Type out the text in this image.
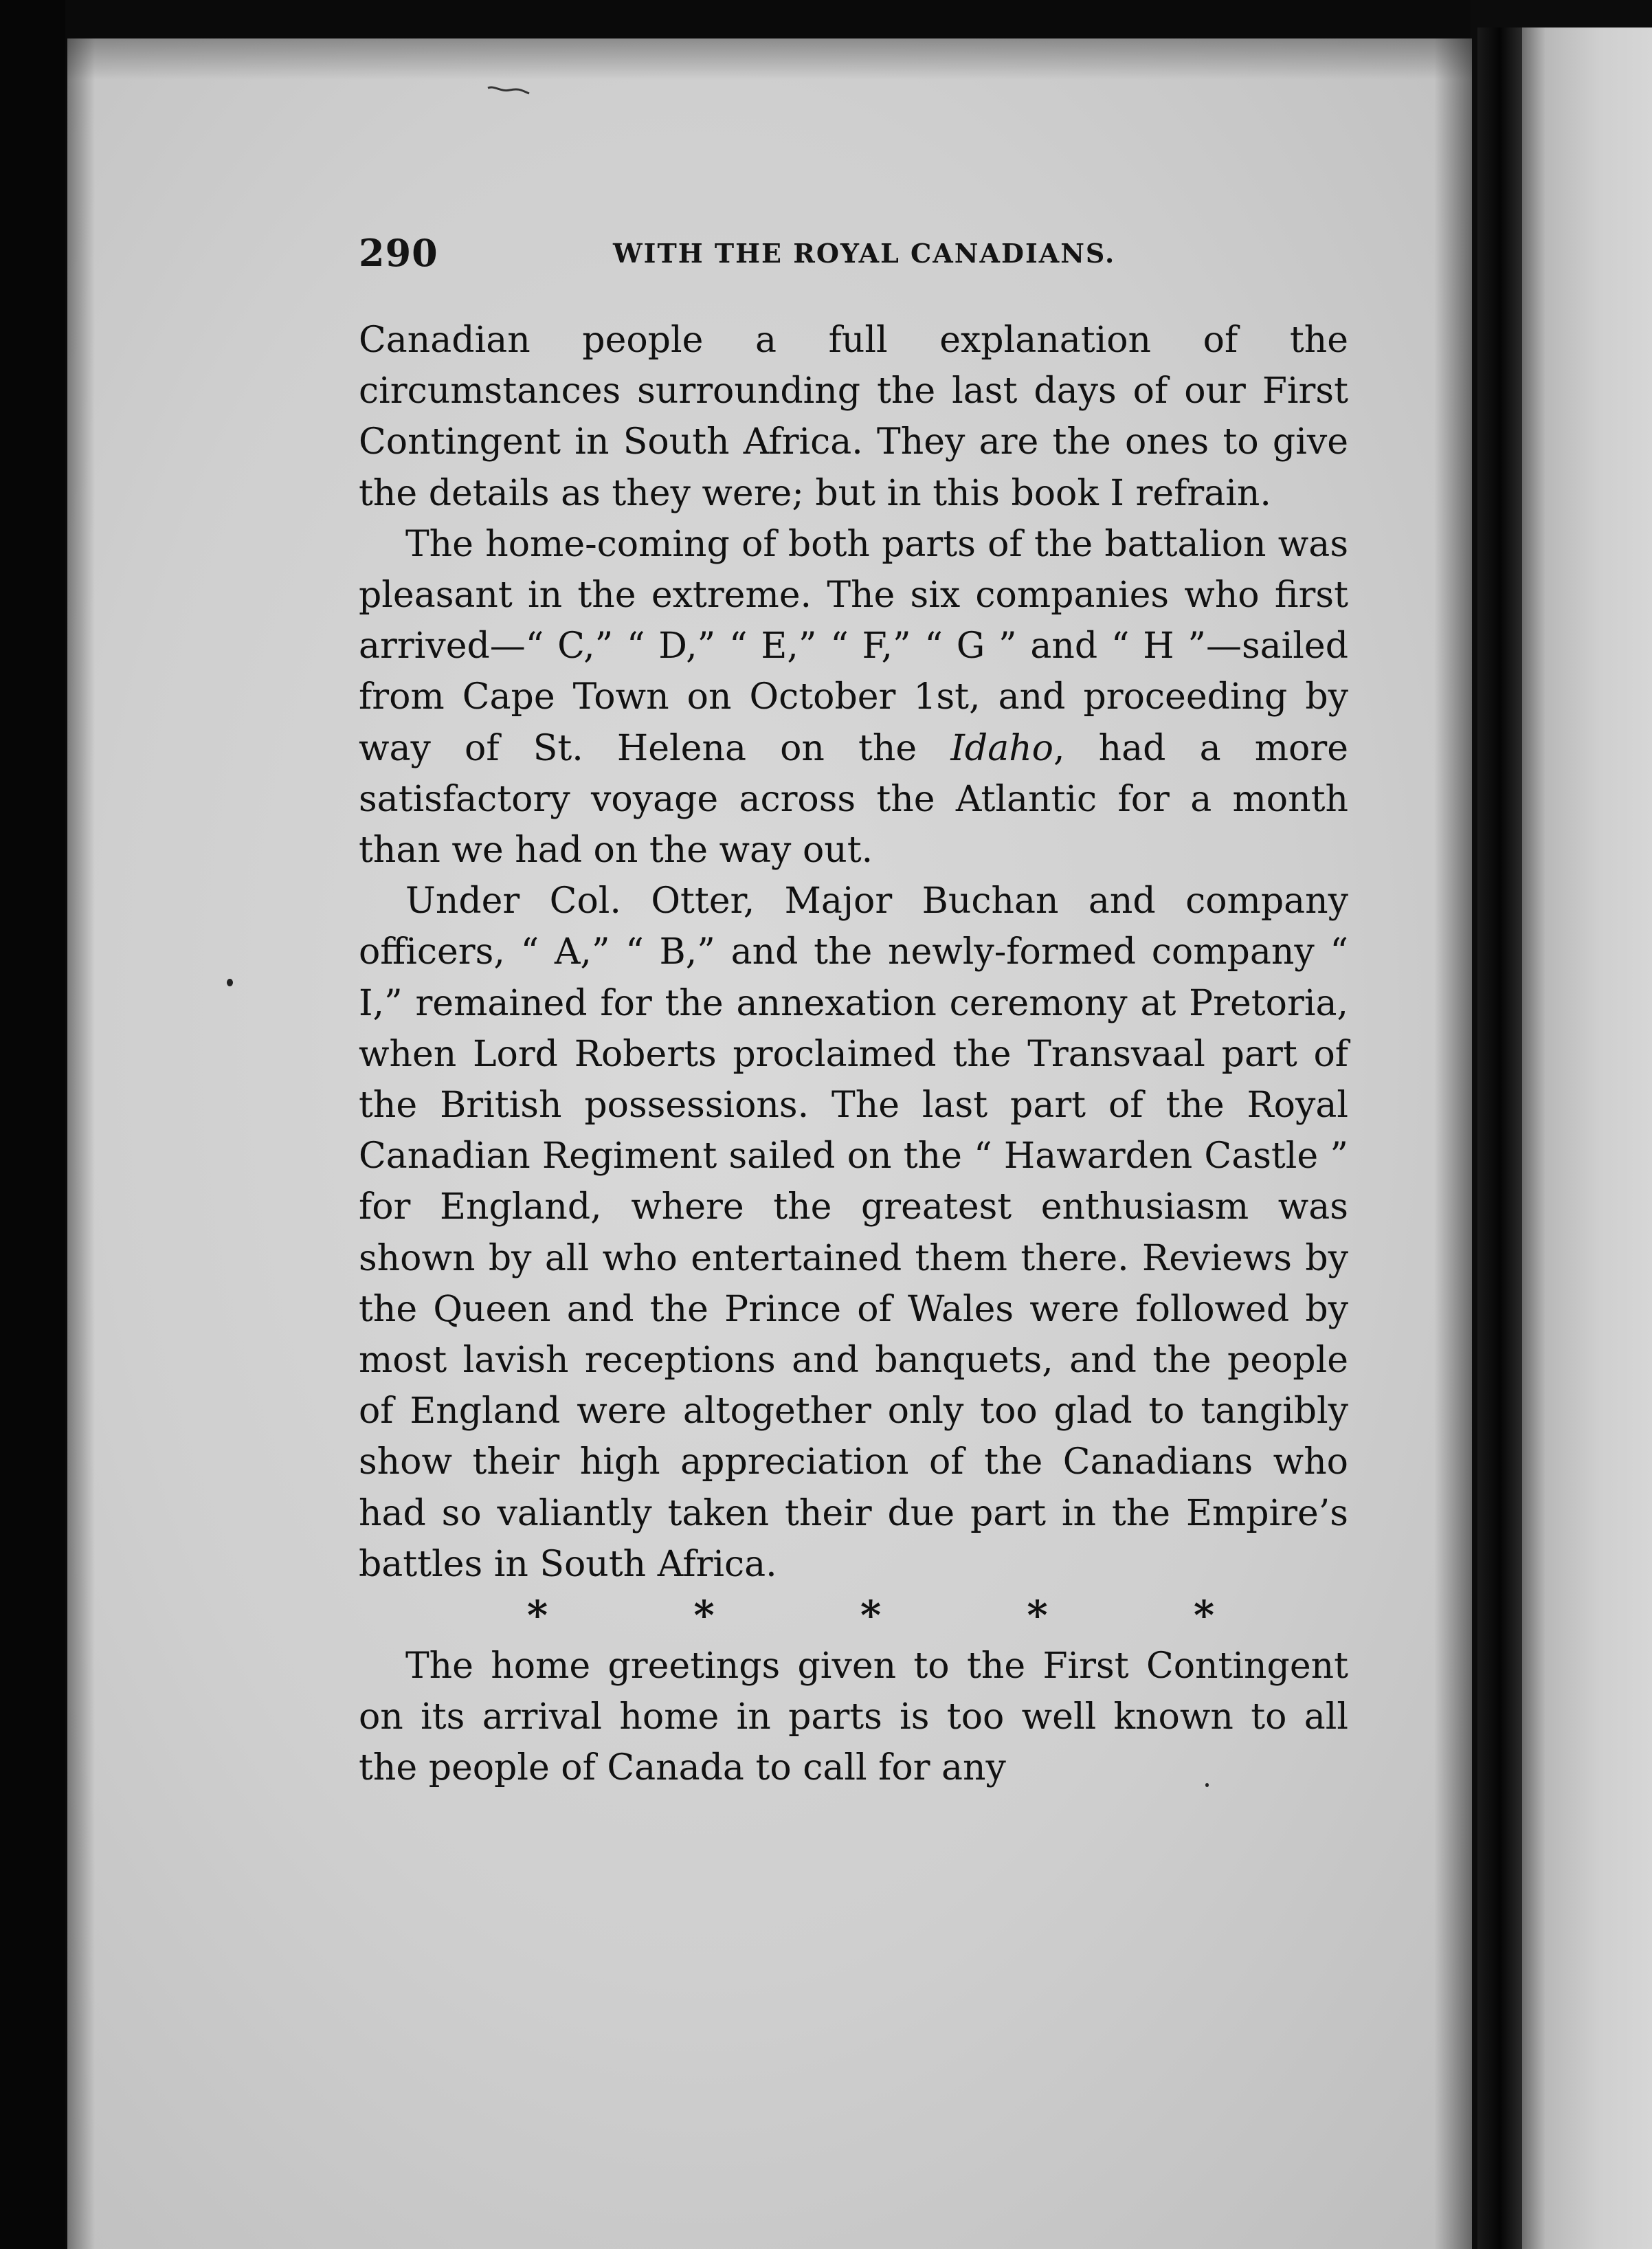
290	WITH THE ROYAL CANADIANS.

Canadian people a full explanation of the circumstances surrounding the last days of our First Contingent in South Africa. They are the ones to give the details as they were; but in this book I refrain.

The home-coming of both parts of the battalion was pleasant in the extreme. The six companies who first arrived—“ C,” “ D,” “ E,” “ F,” “ G ” and “ H ”—sailed from Cape Town on October 1st, and proceeding by way of St. Helena on the Idaho, had a more satisfactory voyage across the Atlantic for a month than we had on the way out.

Under Col. Otter, Major Buchan and company officers, “ A,” “ B,” and the newly-formed company “ I,” remained for the annexation ceremony at Pretoria, when Lord Roberts proclaimed the Transvaal part of the British possessions. The last part of the Royal Canadian Regiment sailed on the “ Hawarden Castle ” for England, where the greatest enthusiasm was shown by all who entertained them there. Reviews by the Queen and the Prince of Wales were followed by most lavish receptions and banquets, and the people of England were altogether only too glad to tangibly show their high appreciation of the Canadians who had so valiantly taken their due part in the Empire’s battles in South Africa.

*	*	*	*	*

The home greetings given to the First Contingent on its arrival home in parts is too well known to all the people of Canada to call for any
